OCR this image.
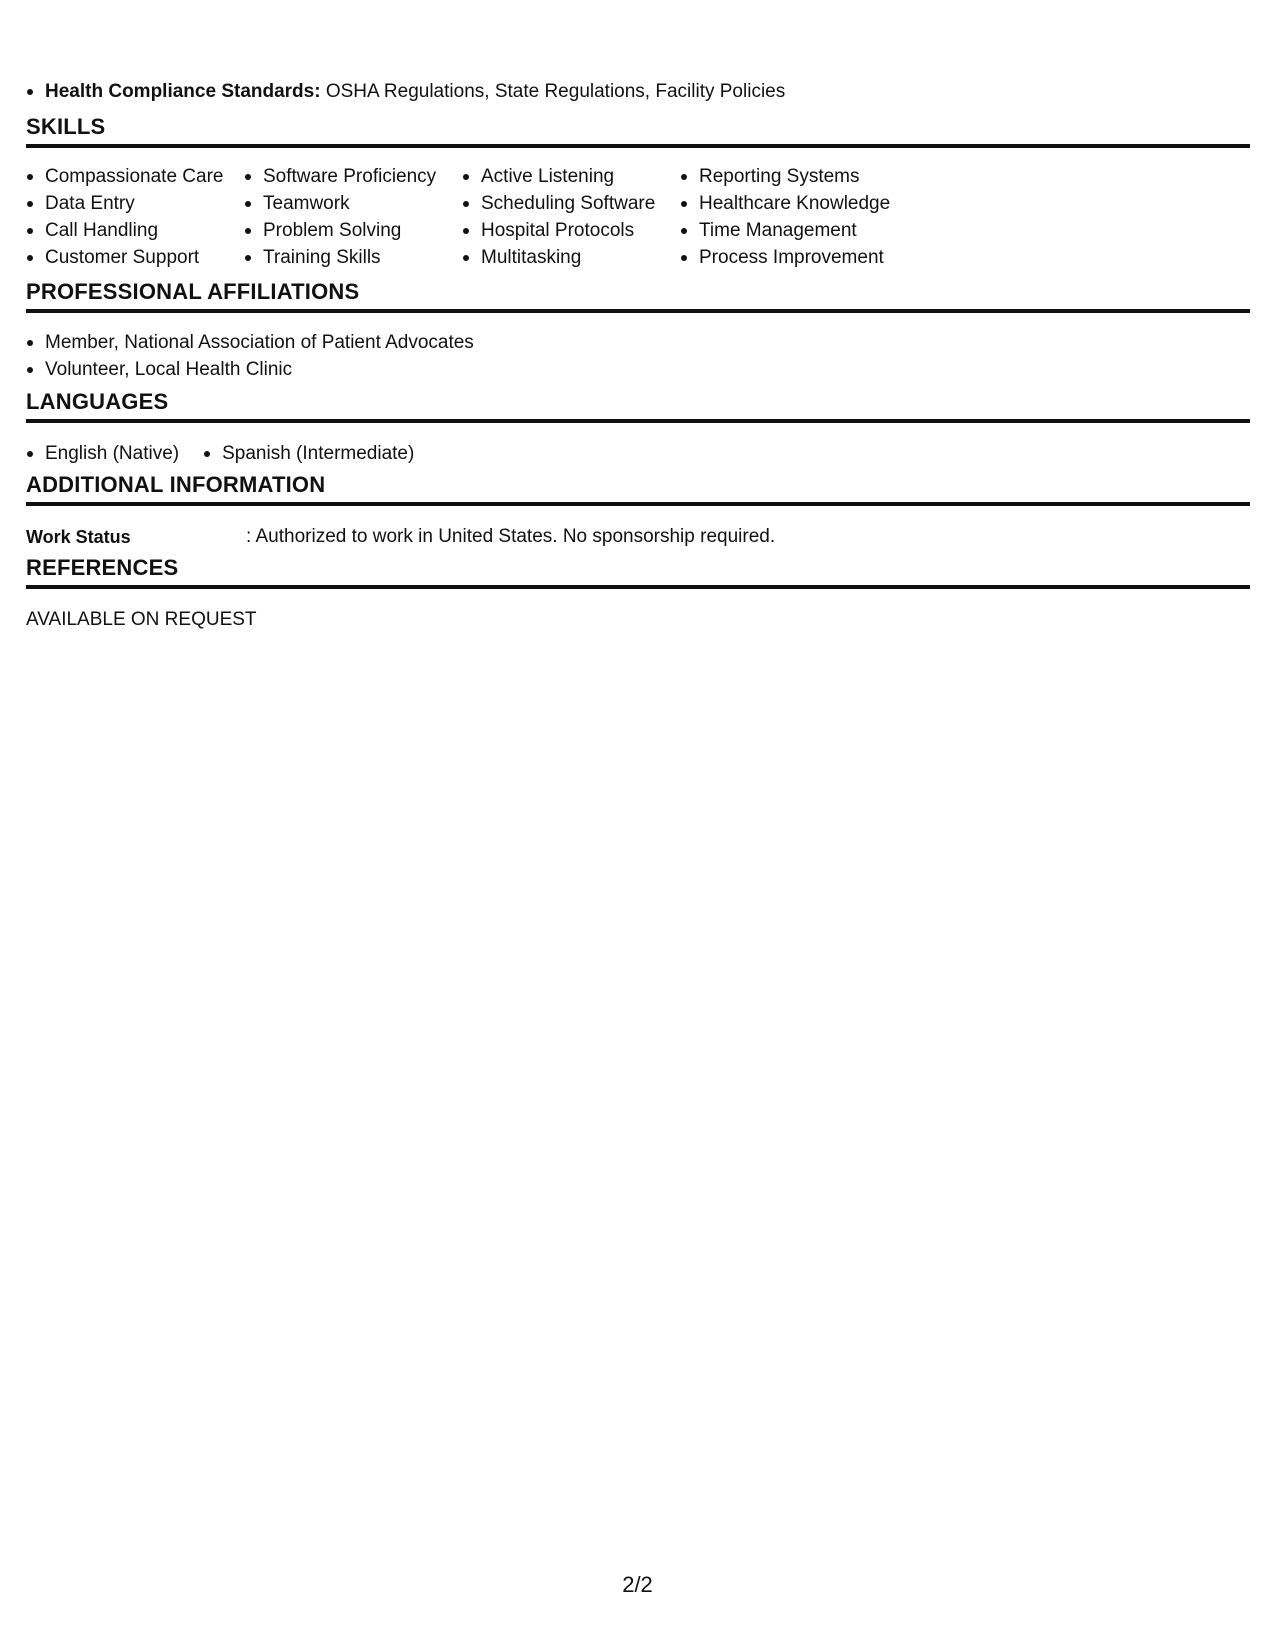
Health Compliance Standards: OSHA Regulations, State Regulations, Facility Policies
SKILLS
Compassionate Care
Data Entry
Call Handling
Customer Support
Software Proficiency
Teamwork
Problem Solving
Training Skills
Active Listening
Scheduling Software
Hospital Protocols
Multitasking
Reporting Systems
Healthcare Knowledge
Time Management
Process Improvement
PROFESSIONAL AFFILIATIONS
Member, National Association of Patient Advocates
Volunteer, Local Health Clinic
LANGUAGES
English (Native)	Spanish (Intermediate)
ADDITIONAL INFORMATION
Work Status	: Authorized to work in United States. No sponsorship required.
REFERENCES
AVAILABLE ON REQUEST
2/2
